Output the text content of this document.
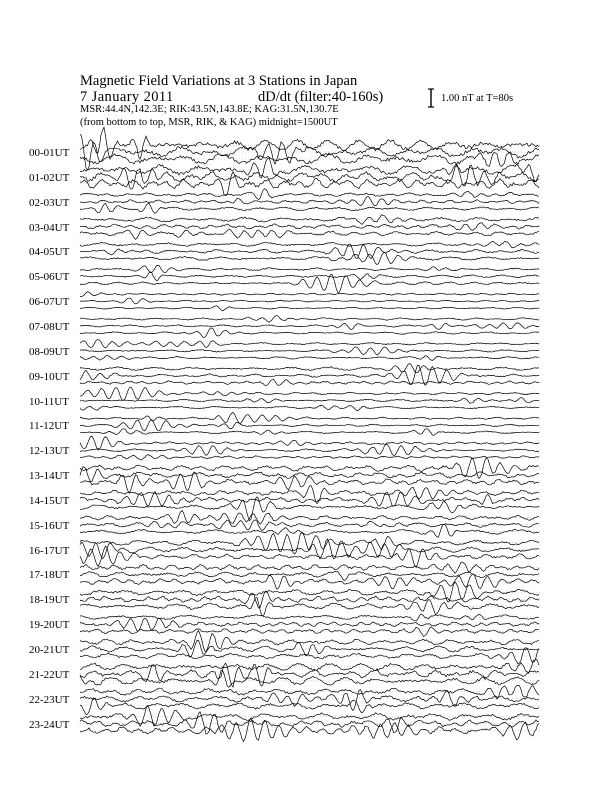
Magnetic Field Variations at 3 Stations in Japan

7 January 2011	dD/dt (filter:40-160s)

MSR:44.4N,142.3E; RIK:43.5N,143.8E; KAG:31.5N,130.7E

(from bottom to top, MSR, RIK, & KAG) midnight=1500UT

1.00 nT at T=80s

00-01UT
01-02UT
02-03UT
03-04UT
04-05UT
05-06UT
06-07UT
07-08UT
08-09UT
09-10UT
10-11UT
11-12UT
12-13UT
13-14UT
14-15UT
15-16UT
16-17UT
17-18UT
18-19UT
19-20UT
20-21UT
21-22UT
22-23UT
23-24UT
